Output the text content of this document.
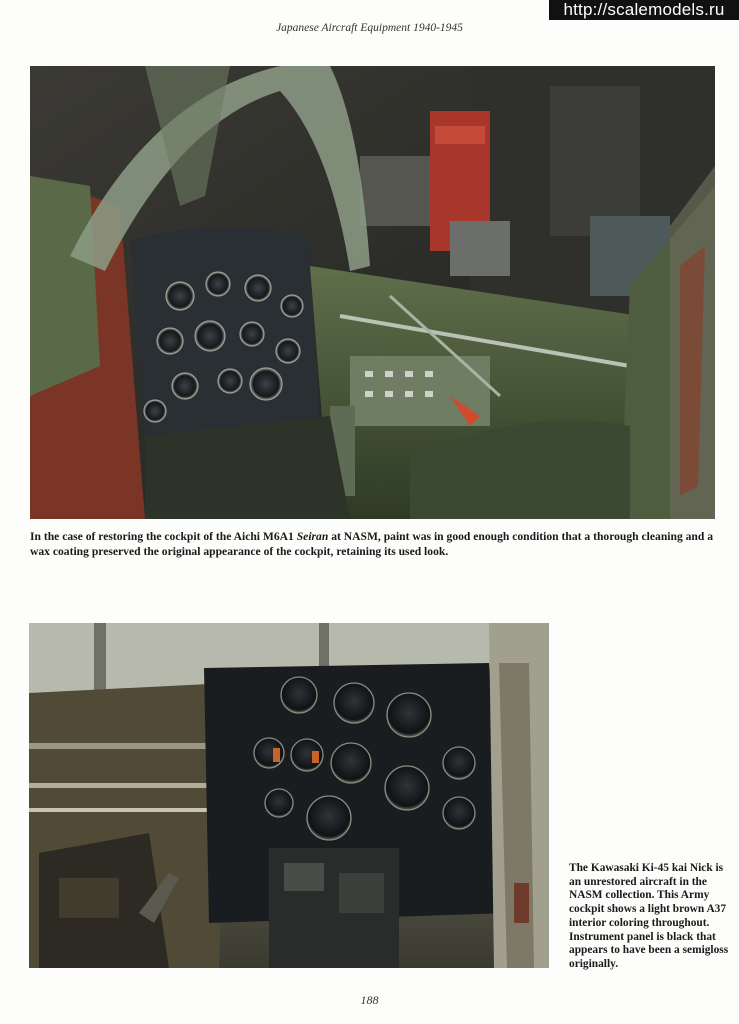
http://scalemodels.ru
Japanese Aircraft Equipment 1940-1945
In the case of restoring the cockpit of the Aichi M6A1 Seiran at NASM, paint was in good enough condition that a thorough cleaning and a wax coating preserved the original appearance of the cockpit, retaining its used look.
The Kawasaki Ki-45 kai Nick is an unrestored aircraft in the NASM collection. This Army cockpit shows a light brown A37 interior coloring throughout. Instrument panel is black that appears to have been a semigloss originally.
188
